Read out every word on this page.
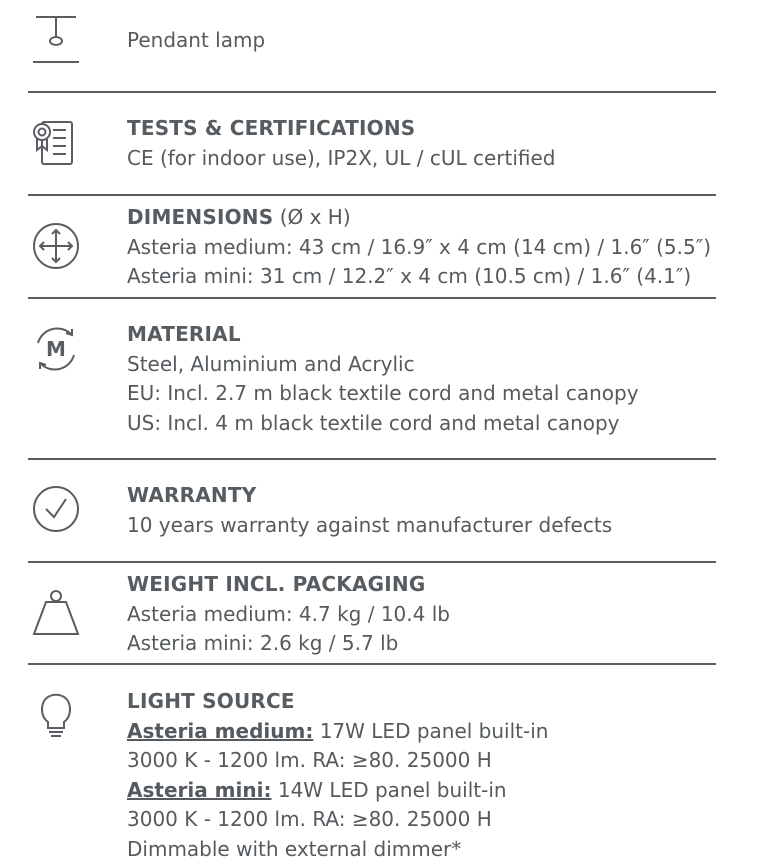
Pendant lamp
TESTS & CERTIFICATIONS
CE (for indoor use), IP2X, UL / cUL certified
DIMENSIONS (Ø x H)
Asteria medium: 43 cm / 16.9″ x 4 cm (14 cm) / 1.6″ (5.5″)
Asteria mini: 31 cm / 12.2″ x 4 cm (10.5 cm) / 1.6″ (4.1″)
M
MATERIAL
Steel, Aluminium and Acrylic
EU: Incl. 2.7 m black textile cord and metal canopy
US: Incl. 4 m black textile cord and metal canopy
WARRANTY
10 years warranty against manufacturer defects
WEIGHT INCL. PACKAGING
Asteria medium: 4.7 kg / 10.4 lb
Asteria mini: 2.6 kg / 5.7 lb
LIGHT SOURCE
Asteria medium: 17W LED panel built-in
3000 K - 1200 lm. RA: ≥80. 25000 H
Asteria mini: 14W LED panel built-in
3000 K - 1200 lm. RA: ≥80. 25000 H
Dimmable with external dimmer*
